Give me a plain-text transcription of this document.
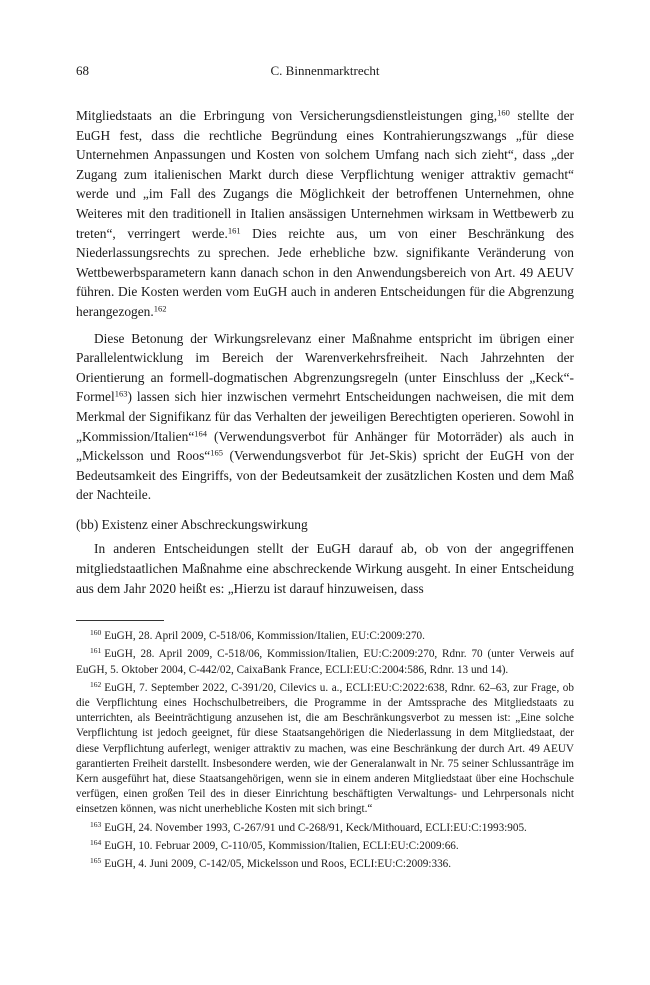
68	C. Binnenmarktrecht

Mitgliedstaats an die Erbringung von Versicherungsdienstleistungen ging,$^{160}$ stellte der EuGH fest, dass die rechtliche Begründung eines Kontrahierungszwangs „für diese Unternehmen Anpassungen und Kosten von solchem Umfang nach sich zieht“, dass „der Zugang zum italienischen Markt durch diese Verpflichtung weniger attraktiv gemacht“ werde und „im Fall des Zugangs die Möglichkeit der betroffenen Unternehmen, ohne Weiteres mit den traditionell in Italien ansässigen Unternehmen wirksam in Wettbewerb zu treten“, verringert werde.$^{161}$ Dies reichte aus, um von einer Beschränkung des Niederlassungsrechts zu sprechen. Jede erhebliche bzw. signifikante Veränderung von Wettbewerbsparametern kann danach schon in den Anwendungsbereich von Art. 49 AEUV führen. Die Kosten werden vom EuGH auch in anderen Entscheidungen für die Abgrenzung herangezogen.$^{162}$

Diese Betonung der Wirkungsrelevanz einer Maßnahme entspricht im übrigen einer Parallelentwicklung im Bereich der Warenverkehrsfreiheit. Nach Jahrzehnten der Orientierung an formell-dogmatischen Abgrenzungsregeln (unter Einschluss der „Keck“-Formel$^{163}$) lassen sich hier inzwischen vermehrt Entscheidungen nachweisen, die mit dem Merkmal der Signifikanz für das Verhalten der jeweiligen Berechtigten operieren. Sowohl in „Kommission/Italien“$^{164}$ (Verwendungsverbot für Anhänger für Motorräder) als auch in „Mickelsson und Roos“$^{165}$ (Verwendungsverbot für Jet-Skis) spricht der EuGH von der Bedeutsamkeit des Eingriffs, von der Bedeutsamkeit der zusätzlichen Kosten und dem Maß der Nachteile.

(bb) Existenz einer Abschreckungswirkung

In anderen Entscheidungen stellt der EuGH darauf ab, ob von der angegriffenen mitgliedstaatlichen Maßnahme eine abschreckende Wirkung ausgeht. In einer Entscheidung aus dem Jahr 2020 heißt es: „Hierzu ist darauf hinzuweisen, dass

$^{160}$ EuGH, 28. April 2009, C-518/06, Kommission/Italien, EU:C:2009:270.

$^{161}$ EuGH, 28. April 2009, C-518/06, Kommission/Italien, EU:C:2009:270, Rdnr. 70 (unter Verweis auf EuGH, 5. Oktober 2004, C-442/02, CaixaBank France, ECLI:EU:C:2004:586, Rdnr. 13 und 14).

$^{162}$ EuGH, 7. September 2022, C-391/20, Cilevics u. a., ECLI:EU:C:2022:638, Rdnr. 62–63, zur Frage, ob die Verpflichtung eines Hochschulbetreibers, die Programme in der Amtssprache des Mitgliedstaats zu unterrichten, als Beeinträchtigung anzusehen ist, die am Beschränkungsverbot zu messen ist: „Eine solche Verpflichtung ist jedoch geeignet, für diese Staatsangehörigen die Niederlassung in dem Mitgliedstaat, der diese Verpflichtung auferlegt, weniger attraktiv zu machen, was eine Beschränkung der durch Art. 49 AEUV garantierten Freiheit darstellt. Insbesondere werden, wie der Generalanwalt in Nr. 75 seiner Schlussanträge im Kern ausgeführt hat, diese Staatsangehörigen, wenn sie in einem anderen Mitgliedstaat über eine Hochschule verfügen, einen großen Teil des in dieser Einrichtung beschäftigten Verwaltungs- und Lehrpersonals nicht einsetzen können, was nicht unerhebliche Kosten mit sich bringt.“

$^{163}$ EuGH, 24. November 1993, C-267/91 und C-268/91, Keck/Mithouard, ECLI:EU:C:1993:905.

$^{164}$ EuGH, 10. Februar 2009, C-110/05, Kommission/Italien, ECLI:EU:C:2009:66.

$^{165}$ EuGH, 4. Juni 2009, C-142/05, Mickelsson und Roos, ECLI:EU:C:2009:336.
